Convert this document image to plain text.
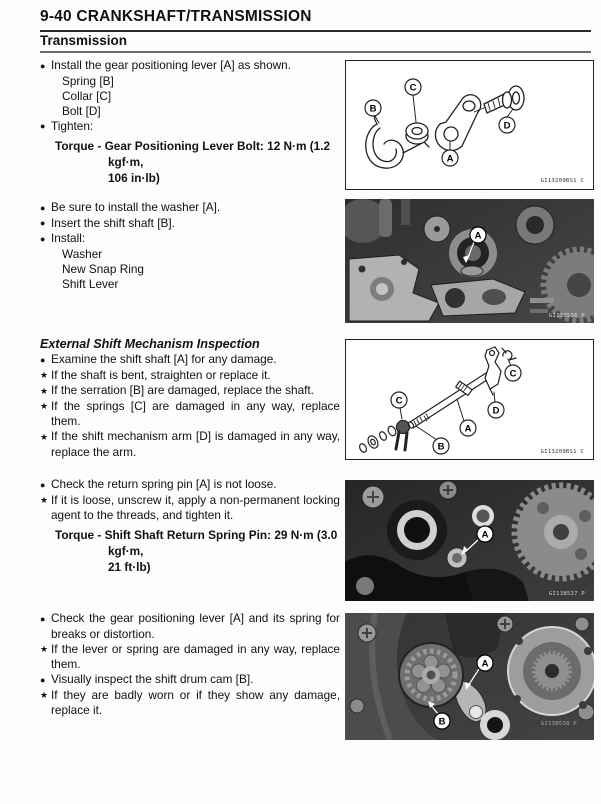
9-40 CRANKSHAFT/TRANSMISSION
Transmission

● Install the gear positioning lever [A] as shown.

Spring [B]

Collar [C]

Bolt [D]

● Tighten:

Torque - Gear Positioning Lever Bolt: 12 N·m (1.2 kgf·m,
106 in·lb)

● Be sure to install the washer [A].

● Insert the shift shaft [B].

● Install:

Washer

New Snap Ring

Shift Lever

External Shift Mechanism Inspection

● Examine the shift shaft [A] for any damage.

★ If the shaft is bent, straighten or replace it.

★ If the serration [B] are damaged, replace the shaft.

★ If the springs [C] are damaged in any way, replace them.

★ If the shift mechanism arm [D] is damaged in any way, replace the arm.

● Check the return spring pin [A] is not loose.

★ If it is loose, unscrew it, apply a non-permanent locking agent to the threads, and tighten it.

Torque - Shift Shaft Return Spring Pin: 29 N·m (3.0 kgf·m,
21 ft·lb)

● Check the gear positioning lever [A] and its spring for breaks or distortion.

★ If the lever or spring are damaged in any way, replace them.

● Visually inspect the shift drum cam [B].

★ If they are badly worn or if they show any damage, replace it.

B
C
A
D
GI13209BS1 C
A
GI138536 P
C
C
B
A
D
GI13209BS1 C
A
GI138537 P
A
B	GI138538 P
